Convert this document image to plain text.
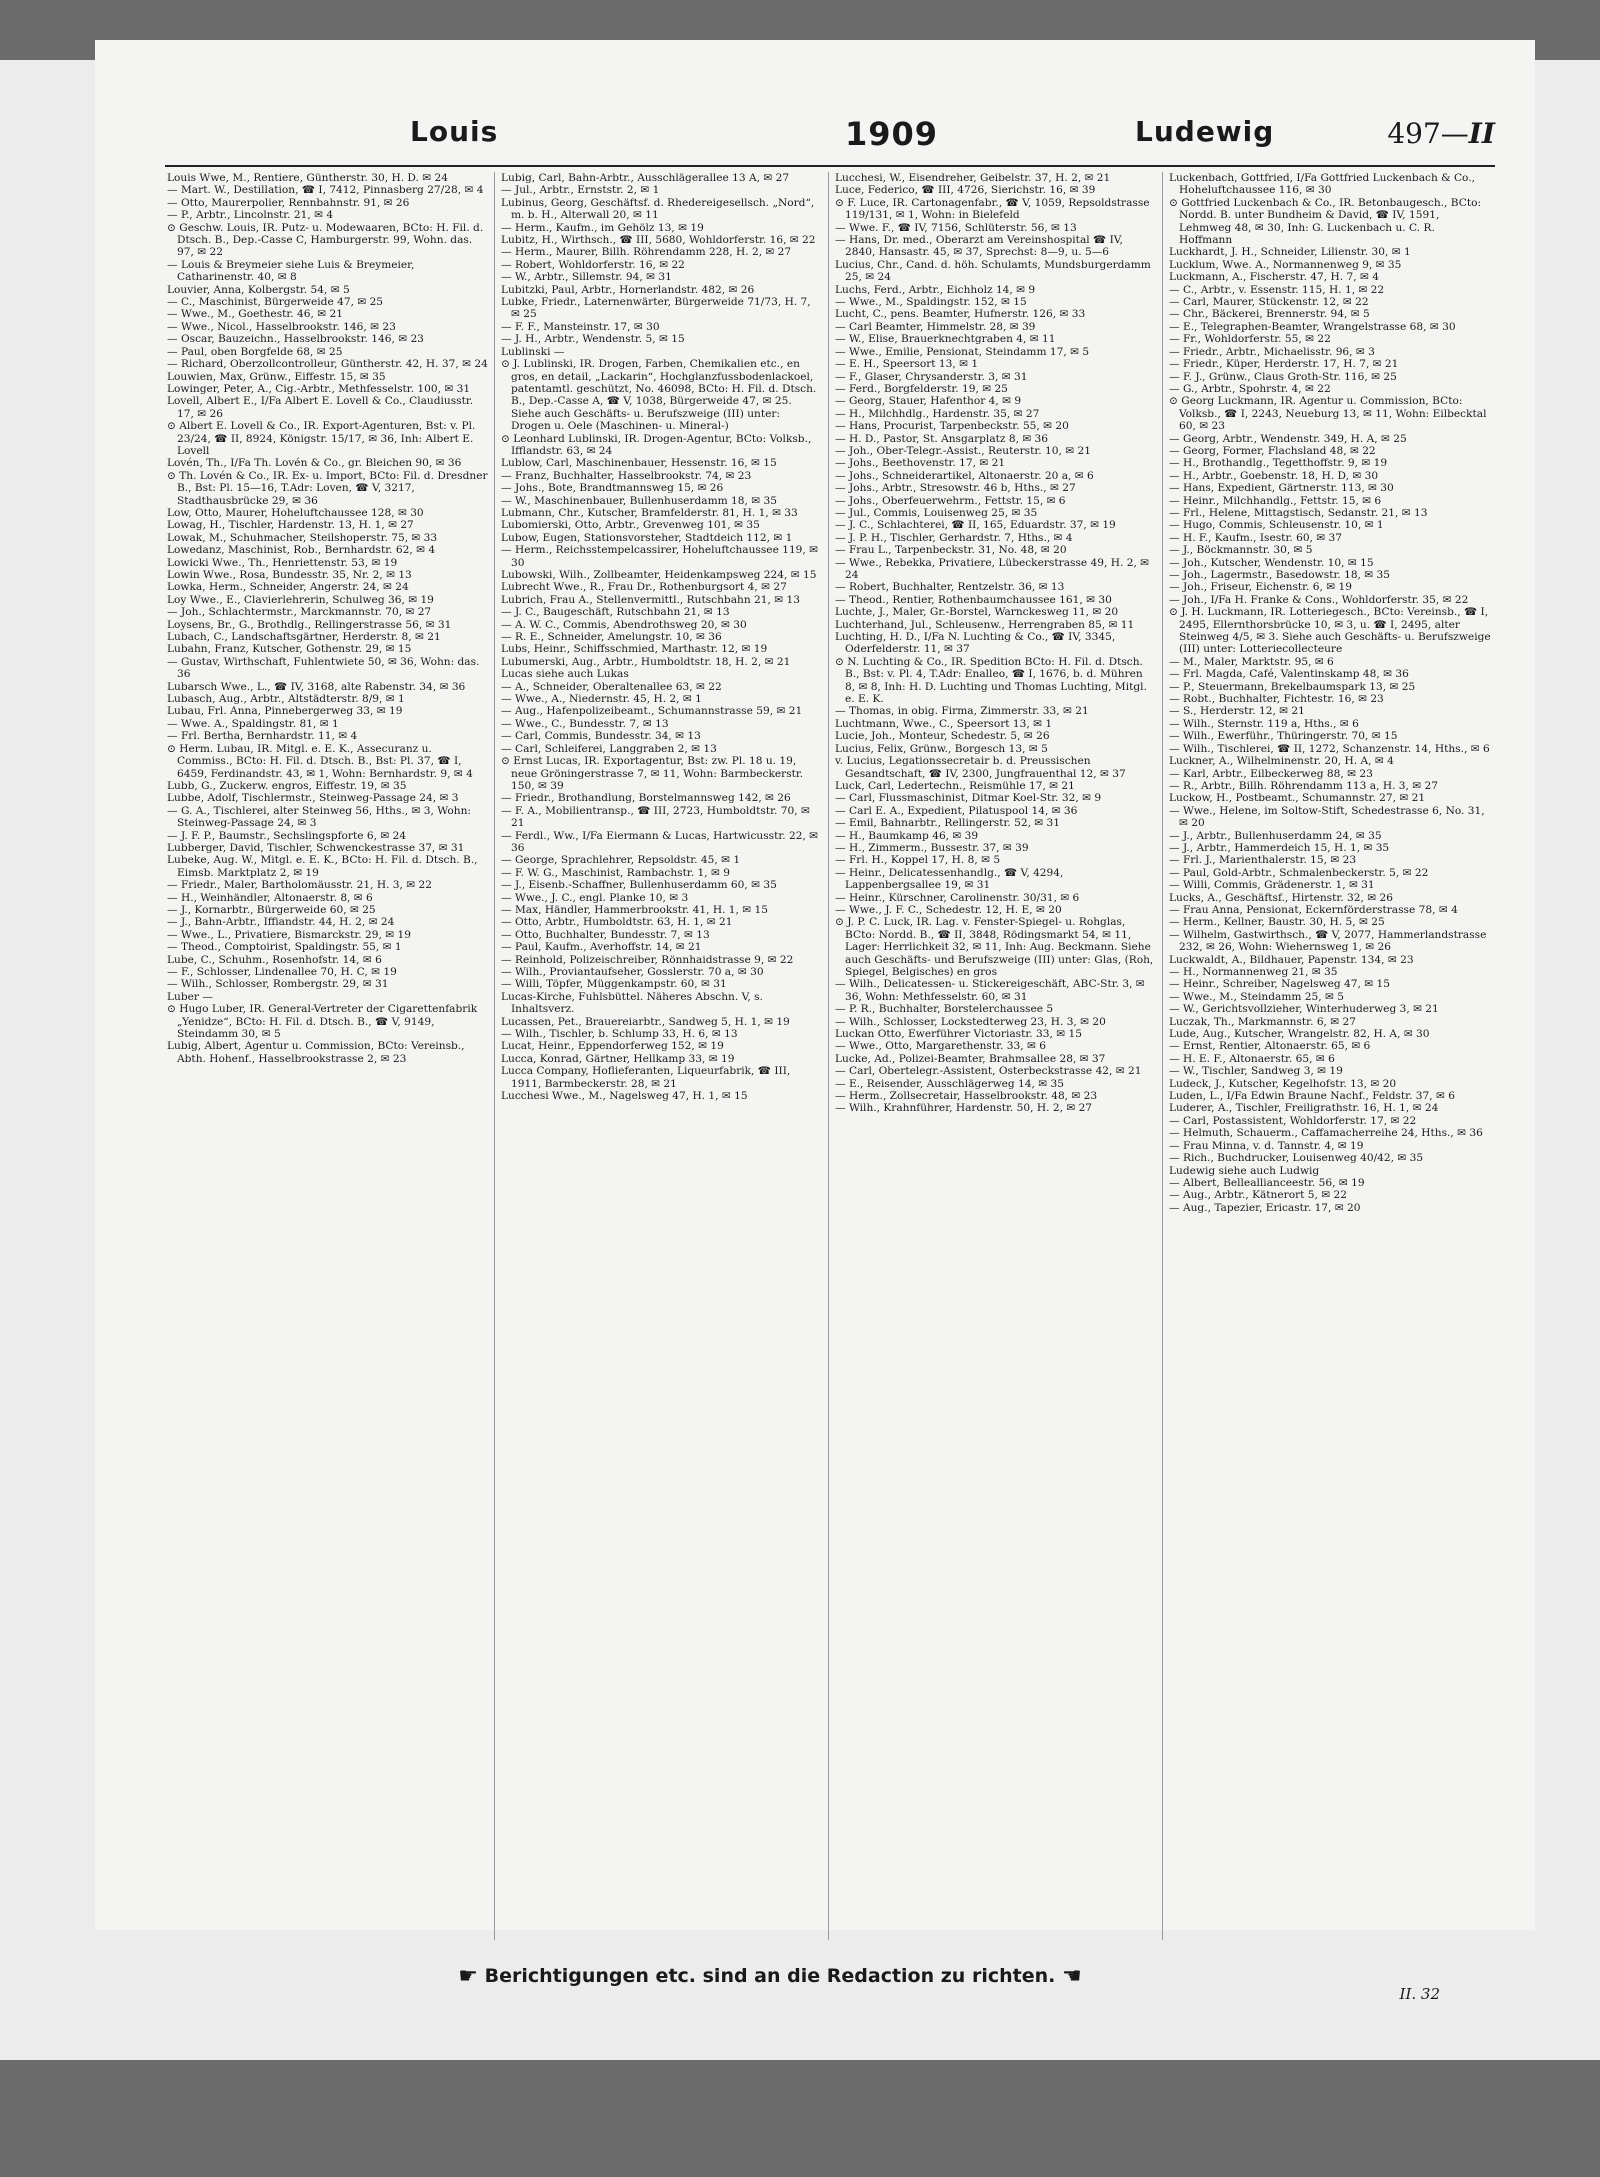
Louis	1909	Ludewig	497—II

Louis Wwe, M., Rentiere, Güntherstr. 30, H. D. ✉ 24

— Mart. W., Destillation, ☎ I, 7412, Pinnasberg 27/28, ✉ 4

— Otto, Maurerpolier, Rennbahnstr. 91, ✉ 26

— P., Arbtr., Lincolnstr. 21, ✉ 4

⊙ Geschw. Louis, IR. Putz- u. Modewaaren, BCto: H. Fil. d. Dtsch. B., Dep.-Casse C, Hamburgerstr. 99, Wohn. das. 97, ✉ 22

— Louis & Breymeier siehe Luis & Breymeier, Catharinenstr. 40, ✉ 8

Louvier, Anna, Kolbergstr. 54, ✉ 5

— C., Maschinist, Bürgerweide 47, ✉ 25

— Wwe., M., Goethestr. 46, ✉ 21

— Wwe., Nicol., Hasselbrookstr. 146, ✉ 23

— Oscar, Bauzeichn., Hasselbrookstr. 146, ✉ 23

— Paul, oben Borgfelde 68, ✉ 25

— Richard, Oberzollcontrolleur, Güntherstr. 42, H. 37, ✉ 24

Louwien, Max, Grünw., Eiffestr. 15, ✉ 35

Lowinger, Peter, A., Cig.-Arbtr., Methfesselstr. 100, ✉ 31

Lovell, Albert E., I/Fa Albert E. Lovell & Co., Claudiusstr. 17, ✉ 26

⊙ Albert E. Lovell & Co., IR. Export-Agenturen, Bst: v. Pl. 23/24, ☎ II, 8924, Königstr. 15/17, ✉ 36, Inh: Albert E. Lovell

Lovén, Th., I/Fa Th. Lovén & Co., gr. Bleichen 90, ✉ 36

⊙ Th. Lovén & Co., IR. Ex- u. Import, BCto: Fil. d. Dresdner B., Bst: Pl. 15—16, T.Adr: Loven, ☎ V, 3217, Stadthausbrücke 29, ✉ 36

Low, Otto, Maurer, Hoheluftchaussee 128, ✉ 30

Lowag, H., Tischler, Hardenstr. 13, H. 1, ✉ 27

Lowak, M., Schuhmacher, Steilshoperstr. 75, ✉ 33

Lowedanz, Maschinist, Rob., Bernhardstr. 62, ✉ 4

Lowicki Wwe., Th., Henriettenstr. 53, ✉ 19

Lowin Wwe., Rosa, Bundesstr. 35, Nr. 2, ✉ 13

Lowka, Herm., Schneider, Angerstr. 24, ✉ 24

Loy Wwe., E., Clavierlehrerin, Schulweg 36, ✉ 19

— Joh., Schlachtermstr., Marckmannstr. 70, ✉ 27

Loysens, Br., G., Brothdlg., Rellingerstrasse 56, ✉ 31

Lubach, C., Landschaftsgärtner, Herderstr. 8, ✉ 21

Lubahn, Franz, Kutscher, Gothenstr. 29, ✉ 15

— Gustav, Wirthschaft, Fuhlentwiete 50, ✉ 36, Wohn: das. 36

Lubarsch Wwe., L., ☎ IV, 3168, alte Rabenstr. 34, ✉ 36

Lubasch, Aug., Arbtr., Altstädterstr. 8/9, ✉ 1

Lubau, Frl. Anna, Pinnebergerweg 33, ✉ 19

— Wwe. A., Spaldingstr. 81, ✉ 1

— Frl. Bertha, Bernhardstr. 11, ✉ 4

⊙ Herm. Lubau, IR. Mitgl. e. E. K., Assecuranz u. Commiss., BCto: H. Fil. d. Dtsch. B., Bst: Pl. 37, ☎ I, 6459, Ferdinandstr. 43, ✉ 1, Wohn: Bernhardstr. 9, ✉ 4

Lubb, G., Zuckerw. engros, Eiffestr. 19, ✉ 35

Lubbe, Adolf, Tischlermstr., Steinweg-Passage 24, ✉ 3

— G. A., Tischlerei, alter Steinweg 56, Hths., ✉ 3, Wohn: Steinweg-Passage 24, ✉ 3

— J. F. P., Baumstr., Sechslingspforte 6, ✉ 24

Lubberger, David, Tischler, Schwenckestrasse 37, ✉ 31

Lubeke, Aug. W., Mitgl. e. E. K., BCto: H. Fil. d. Dtsch. B., Eimsb. Marktplatz 2, ✉ 19

— Friedr., Maler, Bartholomäusstr. 21, H. 3, ✉ 22

— H., Weinhändler, Altonaerstr. 8, ✉ 6

— J., Kornarbtr., Bürgerweide 60, ✉ 25

— J., Bahn-Arbtr., Iffiandstr. 44, H. 2, ✉ 24

— Wwe., L., Privatiere, Bismarckstr. 29, ✉ 19

— Theod., Comptoirist, Spaldingstr. 55, ✉ 1

Lube, C., Schuhm., Rosenhofstr. 14, ✉ 6

— F., Schlosser, Lindenallee 70, H. C, ✉ 19

— Wilh., Schlosser, Rombergstr. 29, ✉ 31

Luber —

⊙ Hugo Luber, IR. General-Vertreter der Cigarettenfabrik „Yenidze“, BCto: H. Fil. d. Dtsch. B., ☎ V, 9149, Steindamm 30, ✉ 5

Lubig, Albert, Agentur u. Commission, BCto: Vereinsb., Abth. Hohenf., Hasselbrookstrasse 2, ✉ 23

Lubig, Carl, Bahn-Arbtr., Ausschlägerallee 13 A, ✉ 27

— Jul., Arbtr., Ernststr. 2, ✉ 1

Lubinus, Georg, Geschäftsf. d. Rhedereigesellsch. „Nord“, m. b. H., Alterwall 20, ✉ 11

— Herm., Kaufm., im Gehölz 13, ✉ 19

Lubitz, H., Wirthsch., ☎ III, 5680, Wohldorferstr. 16, ✉ 22

— Herm., Maurer, Billh. Röhrendamm 228, H. 2, ✉ 27

— Robert, Wohldorferstr. 16, ✉ 22

— W., Arbtr., Sillemstr. 94, ✉ 31

Lubitzki, Paul, Arbtr., Hornerlandstr. 482, ✉ 26

Lubke, Friedr., Laternenwärter, Bürgerweide 71/73, H. 7, ✉ 25

— F. F., Mansteinstr. 17, ✉ 30

— J. H., Arbtr., Wendenstr. 5, ✉ 15

Lublinski —

⊙ J. Lublinski, IR. Drogen, Farben, Chemikalien etc., en gros, en detail, „Lackarin“, Hochglanzfussbodenlackoel, patentamtl. geschützt, No. 46098, BCto: H. Fil. d. Dtsch. B., Dep.-Casse A, ☎ V, 1038, Bürgerweide 47, ✉ 25. Siehe auch Geschäfts- u. Berufszweige (III) unter: Drogen u. Oele (Maschinen- u. Mineral-)

⊙ Leonhard Lublinski, IR. Drogen-Agentur, BCto: Volksb., Ifflandstr. 63, ✉ 24

Lublow, Carl, Maschinenbauer, Hessenstr. 16, ✉ 15

— Franz, Buchhalter, Hasselbrookstr. 74, ✉ 23

— Johs., Bote, Brandtmannsweg 15, ✉ 26

— W., Maschinenbauer, Bullenhuserdamm 18, ✉ 35

Lubmann, Chr., Kutscher, Bramfelderstr. 81, H. 1, ✉ 33

Lubomierski, Otto, Arbtr., Grevenweg 101, ✉ 35

Lubow, Eugen, Stationsvorsteher, Stadtdeich 112, ✉ 1

— Herm., Reichsstempelcassirer, Hoheluftchaussee 119, ✉ 30

Lubowski, Wilh., Zollbeamter, Heidenkampsweg 224, ✉ 15

Lubrecht Wwe., R., Frau Dr., Rothenburgsort 4, ✉ 27

Lubrich, Frau A., Stellenvermittl., Rutschbahn 21, ✉ 13

— J. C., Baugeschäft, Rutschbahn 21, ✉ 13

— A. W. C., Commis, Abendrothsweg 20, ✉ 30

— R. E., Schneider, Amelungstr. 10, ✉ 36

Lubs, Heinr., Schiffsschmied, Marthastr. 12, ✉ 19

Lubumerski, Aug., Arbtr., Humboldtstr. 18, H. 2, ✉ 21

Lucas siehe auch Lukas

— A., Schneider, Oberaltenallee 63, ✉ 22

— Wwe., A., Niedernstr. 45, H. 2, ✉ 1

— Aug., Hafenpolizeibeamt., Schumannstrasse 59, ✉ 21

— Wwe., C., Bundesstr. 7, ✉ 13

— Carl, Commis, Bundesstr. 34, ✉ 13

— Carl, Schleiferei, Langgraben 2, ✉ 13

⊙ Ernst Lucas, IR. Exportagentur, Bst: zw. Pl. 18 u. 19, neue Gröningerstrasse 7, ✉ 11, Wohn: Barmbeckerstr. 150, ✉ 39

— Friedr., Brothandlung, Borstelmannsweg 142, ✉ 26

— F. A., Mobilientransp., ☎ III, 2723, Humboldtstr. 70, ✉ 21

— Ferdl., Ww., I/Fa Eiermann & Lucas, Hartwicusstr. 22, ✉ 36

— George, Sprachlehrer, Repsoldstr. 45, ✉ 1

— F. W. G., Maschinist, Rambachstr. 1, ✉ 9

— J., Eisenb.-Schaffner, Bullenhuserdamm 60, ✉ 35

— Wwe., J. C., engl. Planke 10, ✉ 3

— Max, Händler, Hammerbrookstr. 41, H. 1, ✉ 15

— Otto, Arbtr., Humboldtstr. 63, H. 1, ✉ 21

— Otto, Buchhalter, Bundesstr. 7, ✉ 13

— Paul, Kaufm., Averhoffstr. 14, ✉ 21

— Reinhold, Polizeischreiber, Rönnhaidstrasse 9, ✉ 22

— Wilh., Proviantaufseher, Gosslerstr. 70 a, ✉ 30

— Willi, Töpfer, Müggenkampstr. 60, ✉ 31

Lucas-Kirche, Fuhlsbüttel. Näheres Abschn. V, s. Inhaltsverz.

Lucassen, Pet., Brauereiarbtr., Sandweg 5, H. 1, ✉ 19

— Wilh., Tischler, b. Schlump 33, H. 6, ✉ 13

Lucat, Heinr., Eppendorferweg 152, ✉ 19

Lucca, Konrad, Gärtner, Hellkamp 33, ✉ 19

Lucca Company, Hoflieferanten, Liqueurfabrik, ☎ III, 1911, Barmbeckerstr. 28, ✉ 21

Lucchesi Wwe., M., Nagelsweg 47, H. 1, ✉ 15

Lucchesi, W., Eisendreher, Geibelstr. 37, H. 2, ✉ 21

Luce, Federico, ☎ III, 4726, Sierichstr. 16, ✉ 39

⊙ F. Luce, IR. Cartonagenfabr., ☎ V, 1059, Repsoldstrasse 119/131, ✉ 1, Wohn: in Bielefeld

— Wwe. F., ☎ IV, 7156, Schlüterstr. 56, ✉ 13

— Hans, Dr. med., Oberarzt am Vereinshospital ☎ IV, 2840, Hansastr. 45, ✉ 37, Sprechst: 8—9, u. 5—6

Lucius, Chr., Cand. d. höh. Schulamts, Mundsburgerdamm 25, ✉ 24

Luchs, Ferd., Arbtr., Eichholz 14, ✉ 9

— Wwe., M., Spaldingstr. 152, ✉ 15

Lucht, C., pens. Beamter, Hufnerstr. 126, ✉ 33

— Carl Beamter, Himmelstr. 28, ✉ 39

— W., Elise, Brauerknechtgraben 4, ✉ 11

— Wwe., Emilie, Pensionat, Steindamm 17, ✉ 5

— E. H., Speersort 13, ✉ 1

— F., Glaser, Chrysanderstr. 3, ✉ 31

— Ferd., Borgfelderstr. 19, ✉ 25

— Georg, Stauer, Hafenthor 4, ✉ 9

— H., Milchhdlg., Hardenstr. 35, ✉ 27

— Hans, Procurist, Tarpenbeckstr. 55, ✉ 20

— H. D., Pastor, St. Ansgarplatz 8, ✉ 36

— Joh., Ober-Telegr.-Assist., Reuterstr. 10, ✉ 21

— Johs., Beethovenstr. 17, ✉ 21

— Johs., Schneiderartikel, Altonaerstr. 20 a, ✉ 6

— Johs., Arbtr., Stresowstr. 46 b, Hths., ✉ 27

— Johs., Oberfeuerwehrm., Fettstr. 15, ✉ 6

— Jul., Commis, Louisenweg 25, ✉ 35

— J. C., Schlachterei, ☎ II, 165, Eduardstr. 37, ✉ 19

— J. P. H., Tischler, Gerhardstr. 7, Hths., ✉ 4

— Frau L., Tarpenbeckstr. 31, No. 48, ✉ 20

— Wwe., Rebekka, Privatiere, Lübeckerstrasse 49, H. 2, ✉ 24

— Robert, Buchhalter, Rentzelstr. 36, ✉ 13

— Theod., Rentier, Rothenbaumchaussee 161, ✉ 30

Luchte, J., Maler, Gr.-Borstel, Warnckesweg 11, ✉ 20

Luchterhand, Jul., Schleusenw., Herrengraben 85, ✉ 11

Luchting, H. D., I/Fa N. Luchting & Co., ☎ IV, 3345, Oderfelderstr. 11, ✉ 37

⊙ N. Luchting & Co., IR. Spedition BCto: H. Fil. d. Dtsch. B., Bst: v. Pl. 4, T.Adr: Enalleo, ☎ I, 1676, b. d. Mühren 8, ✉ 8, Inh: H. D. Luchting und Thomas Luchting, Mitgl. e. E. K.

— Thomas, in obig. Firma, Zimmerstr. 33, ✉ 21

Luchtmann, Wwe., C., Speersort 13, ✉ 1

Lucie, Joh., Monteur, Schedestr. 5, ✉ 26

Lucius, Felix, Grünw., Borgesch 13, ✉ 5

v. Lucius, Legationssecretair b. d. Preussischen Gesandtschaft, ☎ IV, 2300, Jungfrauenthal 12, ✉ 37

Luck, Carl, Ledertechn., Reismühle 17, ✉ 21

— Carl, Flussmaschinist, Ditmar Koel-Str. 32, ✉ 9

— Carl E. A., Expedient, Pilatuspool 14, ✉ 36

— Emil, Bahnarbtr., Rellingerstr. 52, ✉ 31

— H., Baumkamp 46, ✉ 39

— H., Zimmerm., Bussestr. 37, ✉ 39

— Frl. H., Koppel 17, H. 8, ✉ 5

— Heinr., Delicatessenhandlg., ☎ V, 4294, Lappenbergsallee 19, ✉ 31

— Heinr., Kürschner, Carolinenstr. 30/31, ✉ 6

— Wwe., J. F. C., Schedestr. 12, H. E, ✉ 20

⊙ J. P. C. Luck, IR. Lag. v. Fenster-Spiegel- u. Rohglas, BCto: Nordd. B., ☎ II, 3848, Rödingsmarkt 54, ✉ 11, Lager: Herrlichkeit 32, ✉ 11, Inh: Aug. Beckmann. Siehe auch Geschäfts- und Berufszweige (III) unter: Glas, (Roh, Spiegel, Belgisches) en gros

— Wilh., Delicatessen- u. Stickereigeschäft, ABC-Str. 3, ✉ 36, Wohn: Methfesselstr. 60, ✉ 31

— P. R., Buchhalter, Borstelerchaussee 5

— Wilh., Schlosser, Lockstedterweg 23, H. 3, ✉ 20

Luckan Otto, Ewerführer Victoriastr. 33, ✉ 15

— Wwe., Otto, Margarethenstr. 33, ✉ 6

Lucke, Ad., Polizei-Beamter, Brahmsallee 28, ✉ 37

— Carl, Obertelegr.-Assistent, Osterbeckstrasse 42, ✉ 21

— E., Reisender, Ausschlägerweg 14, ✉ 35

— Herm., Zollsecretair, Hasselbrookstr. 48, ✉ 23

— Wilh., Krahnführer, Hardenstr. 50, H. 2, ✉ 27

Luckenbach, Gottfried, I/Fa Gottfried Luckenbach & Co., Hoheluftchaussee 116, ✉ 30

⊙ Gottfried Luckenbach & Co., IR. Betonbaugesch., BCto: Nordd. B. unter Bundheim & David, ☎ IV, 1591, Lehmweg 48, ✉ 30, Inh: G. Luckenbach u. C. R. Hoffmann

Luckhardt, J. H., Schneider, Lilienstr. 30, ✉ 1

Lucklum, Wwe. A., Normannenweg 9, ✉ 35

Luckmann, A., Fischerstr. 47, H. 7, ✉ 4

— C., Arbtr., v. Essenstr. 115, H. 1, ✉ 22

— Carl, Maurer, Stückenstr. 12, ✉ 22

— Chr., Bäckerei, Brennerstr. 94, ✉ 5

— E., Telegraphen-Beamter, Wrangelstrasse 68, ✉ 30

— Fr., Wohldorferstr. 55, ✉ 22

— Friedr., Arbtr., Michaelisstr. 96, ✉ 3

— Friedr., Küper, Herderstr. 17, H. 7, ✉ 21

— F. J., Grünw., Claus Groth-Str. 116, ✉ 25

— G., Arbtr., Spohrstr. 4, ✉ 22

⊙ Georg Luckmann, IR. Agentur u. Commission, BCto: Volksb., ☎ I, 2243, Neueburg 13, ✉ 11, Wohn: Eilbecktal 60, ✉ 23

— Georg, Arbtr., Wendenstr. 349, H. A, ✉ 25

— Georg, Former, Flachsland 48, ✉ 22

— H., Brothandlg., Tegetthoffstr. 9, ✉ 19

— H., Arbtr., Goebenstr. 18, H. D, ✉ 30

— Hans, Expedient, Gärtnerstr. 113, ✉ 30

— Heinr., Milchhandlg., Fettstr. 15, ✉ 6

— Frl., Helene, Mittagstisch, Sedanstr. 21, ✉ 13

— Hugo, Commis, Schleusenstr. 10, ✉ 1

— H. F., Kaufm., Isestr. 60, ✉ 37

— J., Böckmannstr. 30, ✉ 5

— Joh., Kutscher, Wendenstr. 10, ✉ 15

— Joh., Lagermstr., Basedowstr. 18, ✉ 35

— Joh., Friseur, Eichenstr. 6, ✉ 19

— Joh., I/Fa H. Franke & Cons., Wohldorferstr. 35, ✉ 22

⊙ J. H. Luckmann, IR. Lotteriegesch., BCto: Vereinsb., ☎ I, 2495, Ellernthorsbrücke 10, ✉ 3, u. ☎ I, 2495, alter Steinweg 4/5, ✉ 3. Siehe auch Geschäfts- u. Berufszweige (III) unter: Lotteriecollecteure

— M., Maler, Marktstr. 95, ✉ 6

— Frl. Magda, Café, Valentinskamp 48, ✉ 36

— P., Steuermann, Brekelbaumspark 13, ✉ 25

— Robt., Buchhalter, Fichtestr. 16, ✉ 23

— S., Herderstr. 12, ✉ 21

— Wilh., Sternstr. 119 a, Hths., ✉ 6

— Wilh., Ewerführ., Thüringerstr. 70, ✉ 15

— Wilh., Tischlerei, ☎ II, 1272, Schanzenstr. 14, Hths., ✉ 6

Luckner, A., Wilhelminenstr. 20, H. A, ✉ 4

— Karl, Arbtr., Eilbeckerweg 88, ✉ 23

— R., Arbtr., Billh. Röhrendamm 113 a, H. 3, ✉ 27

Luckow, H., Postbeamt., Schumannstr. 27, ✉ 21

— Wwe., Helene, im Soltow-Stift, Schedestrasse 6, No. 31, ✉ 20

— J., Arbtr., Bullenhuserdamm 24, ✉ 35

— J., Arbtr., Hammerdeich 15, H. 1, ✉ 35

— Frl. J., Marienthalerstr. 15, ✉ 23

— Paul, Gold-Arbtr., Schmalenbeckerstr. 5, ✉ 22

— Willi, Commis, Grädenerstr. 1, ✉ 31

Lucks, A., Geschäftsf., Hirtenstr. 32, ✉ 26

— Frau Anna, Pensionat, Eckernförderstrasse 78, ✉ 4

— Herm., Kellner, Baustr. 30, H. 5, ✉ 25

— Wilhelm, Gastwirthsch., ☎ V, 2077, Hammerlandstrasse 232, ✉ 26, Wohn: Wiehernsweg 1, ✉ 26

Luckwaldt, A., Bildhauer, Papenstr. 134, ✉ 23

— H., Normannenweg 21, ✉ 35

— Heinr., Schreiber, Nagelsweg 47, ✉ 15

— Wwe., M., Steindamm 25, ✉ 5

— W., Gerichtsvollzieher, Winterhuderweg 3, ✉ 21

Luczak, Th., Markmannstr. 6, ✉ 27

Lude, Aug., Kutscher, Wrangelstr. 82, H. A, ✉ 30

— Ernst, Rentier, Altonaerstr. 65, ✉ 6

— H. E. F., Altonaerstr. 65, ✉ 6

— W., Tischler, Sandweg 3, ✉ 19

Ludeck, J., Kutscher, Kegelhofstr. 13, ✉ 20

Luden, L., I/Fa Edwin Braune Nachf., Feldstr. 37, ✉ 6

Luderer, A., Tischler, Freiligrathstr. 16, H. 1, ✉ 24

— Carl, Postassistent, Wohldorferstr. 17, ✉ 22

— Helmuth, Schauerm., Caffamacherreihe 24, Hths., ✉ 36

— Frau Minna, v. d. Tannstr. 4, ✉ 19

— Rich., Buchdrucker, Louisenweg 40/42, ✉ 35

Ludewig siehe auch Ludwig

— Albert, Belleallianceestr. 56, ✉ 19

— Aug., Arbtr., Kätnerort 5, ✉ 22

— Aug., Tapezier, Ericastr. 17, ✉ 20

☛ Berichtigungen etc. sind an die Redaction zu richten. ☚
II. 32
